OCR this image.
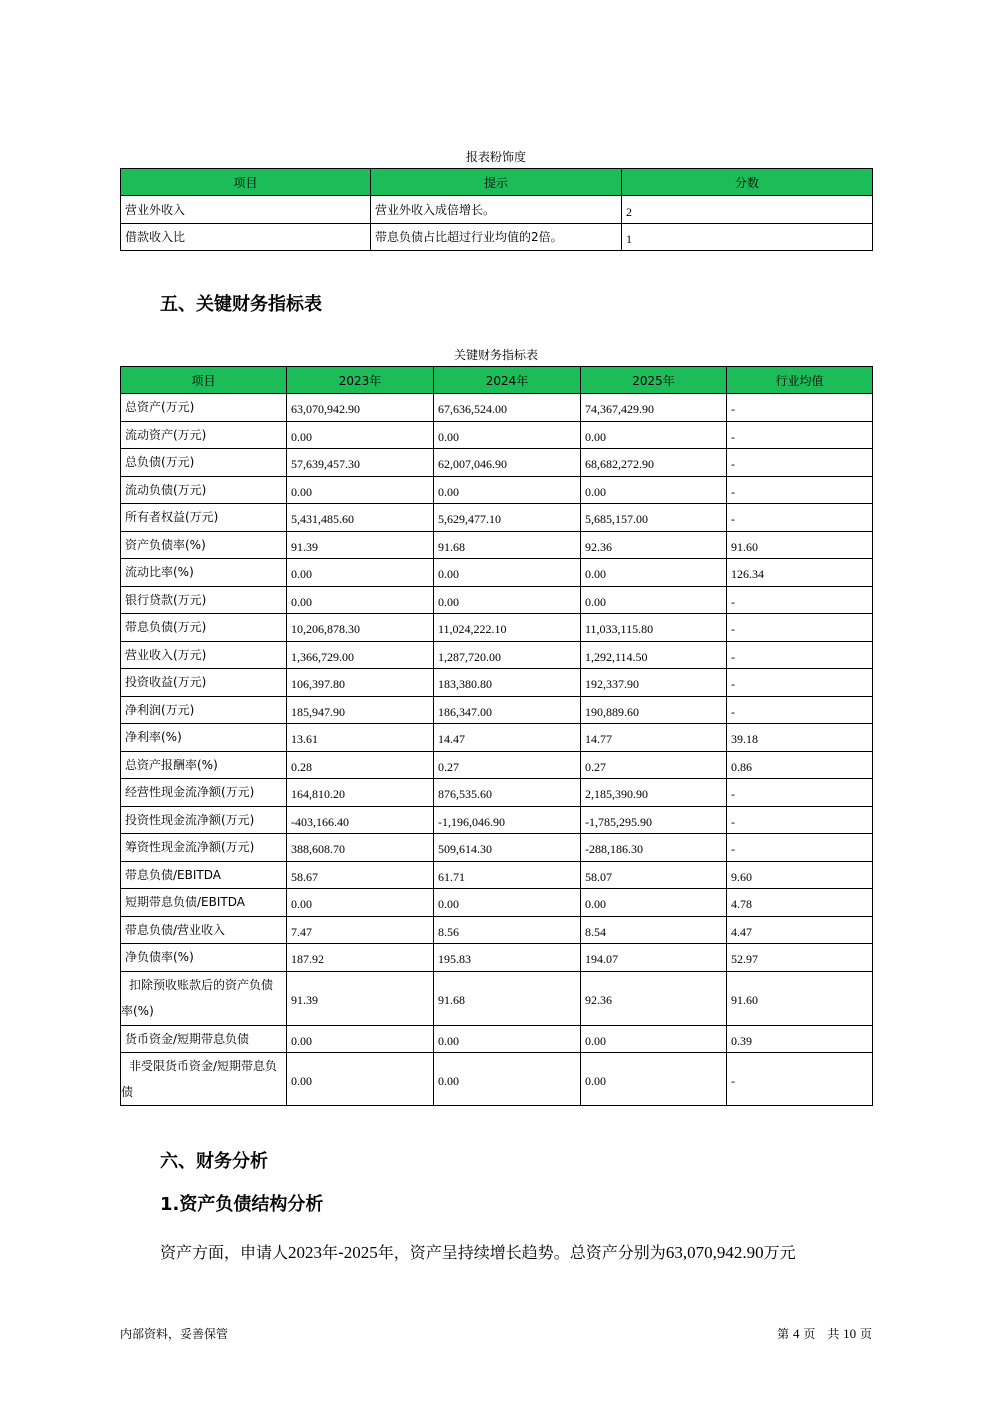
报表粉饰度
项目	提示	分数
营业外收入	营业外收入成倍增长。	2
借款收入比	带息负债占比超过行业均值的2倍。	1
五、关键财务指标表
关键财务指标表
项目	2023年	2024年	2025年	行业均值
总资产(万元)	63,070,942.90	67,636,524.00	74,367,429.90	-
流动资产(万元)	0.00	0.00	0.00	-
总负债(万元)	57,639,457.30	62,007,046.90	68,682,272.90	-
流动负债(万元)	0.00	0.00	0.00	-
所有者权益(万元)	5,431,485.60	5,629,477.10	5,685,157.00	-
资产负债率(%)	91.39	91.68	92.36	91.60
流动比率(%)	0.00	0.00	0.00	126.34
银行贷款(万元)	0.00	0.00	0.00	-
带息负债(万元)	10,206,878.30	11,024,222.10	11,033,115.80	-
营业收入(万元)	1,366,729.00	1,287,720.00	1,292,114.50	-
投资收益(万元)	106,397.80	183,380.80	192,337.90	-
净利润(万元)	185,947.90	186,347.00	190,889.60	-
净利率(%)	13.61	14.47	14.77	39.18
总资产报酬率(%)	0.28	0.27	0.27	0.86
经营性现金流净额(万元)	164,810.20	876,535.60	2,185,390.90	-
投资性现金流净额(万元)	-403,166.40	-1,196,046.90	-1,785,295.90	-
筹资性现金流净额(万元)	388,608.70	509,614.30	-288,186.30	-
带息负债/EBITDA	58.67	61.71	58.07	9.60
短期带息负债/EBITDA	0.00	0.00	0.00	4.78
带息负债/营业收入	7.47	8.56	8.54	4.47
净负债率(%)	187.92	195.83	194.07	52.97
扣除预收账款后的资产负债率(%)	91.39	91.68	92.36	91.60
货币资金/短期带息负债	0.00	0.00	0.00	0.39
非受限货币资金/短期带息负债	0.00	0.00	0.00	-
六、财务分析
1.资产负债结构分析
资产方面，申请人2023年-2025年，资产呈持续增长趋势。总资产分别为63,070,942.90万元
内部资料，妥善保管	第 4 页　共 10 页
